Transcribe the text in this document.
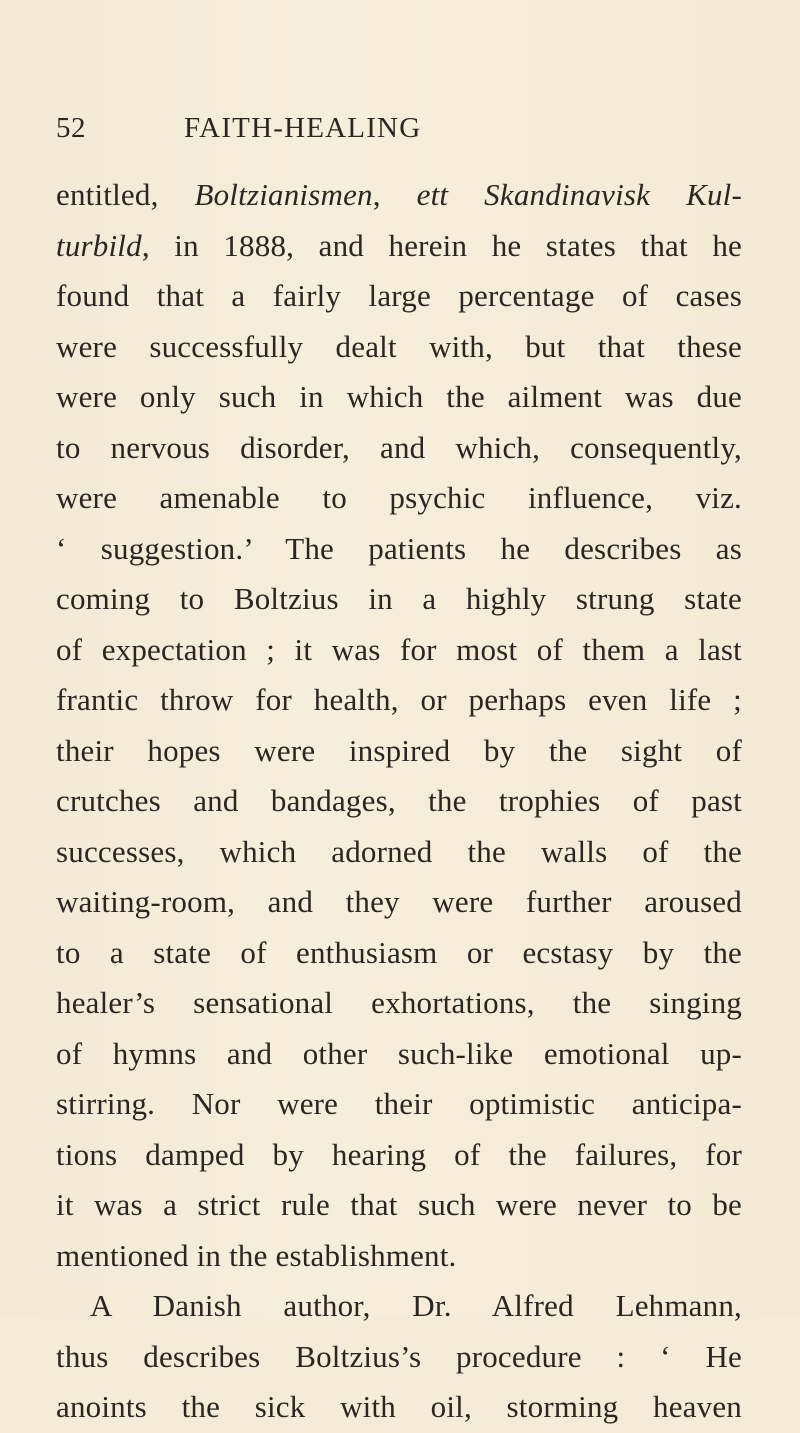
52	FAITH-HEALING
entitled, Boltzianismen, ett Skandinavisk Kul-
turbild, in 1888, and herein he states that he
found that a fairly large percentage of cases
were successfully dealt with, but that these
were only such in which the ailment was due
to nervous disorder, and which, consequently,
were amenable to psychic influence, viz.
‘ suggestion.’ The patients he describes as
coming to Boltzius in a highly strung state
of expectation ; it was for most of them a last
frantic throw for health, or perhaps even life ;
their hopes were inspired by the sight of
crutches and bandages, the trophies of past
successes, which adorned the walls of the
waiting-room, and they were further aroused
to a state of enthusiasm or ecstasy by the
healer’s sensational exhortations, the singing
of hymns and other such-like emotional up-
stirring. Nor were their optimistic anticipa-
tions damped by hearing of the failures, for
it was a strict rule that such were never to be
mentioned in the establishment.
A Danish author, Dr. Alfred Lehmann,
thus describes Boltzius’s procedure : ‘ He
anoints the sick with oil, storming heaven
